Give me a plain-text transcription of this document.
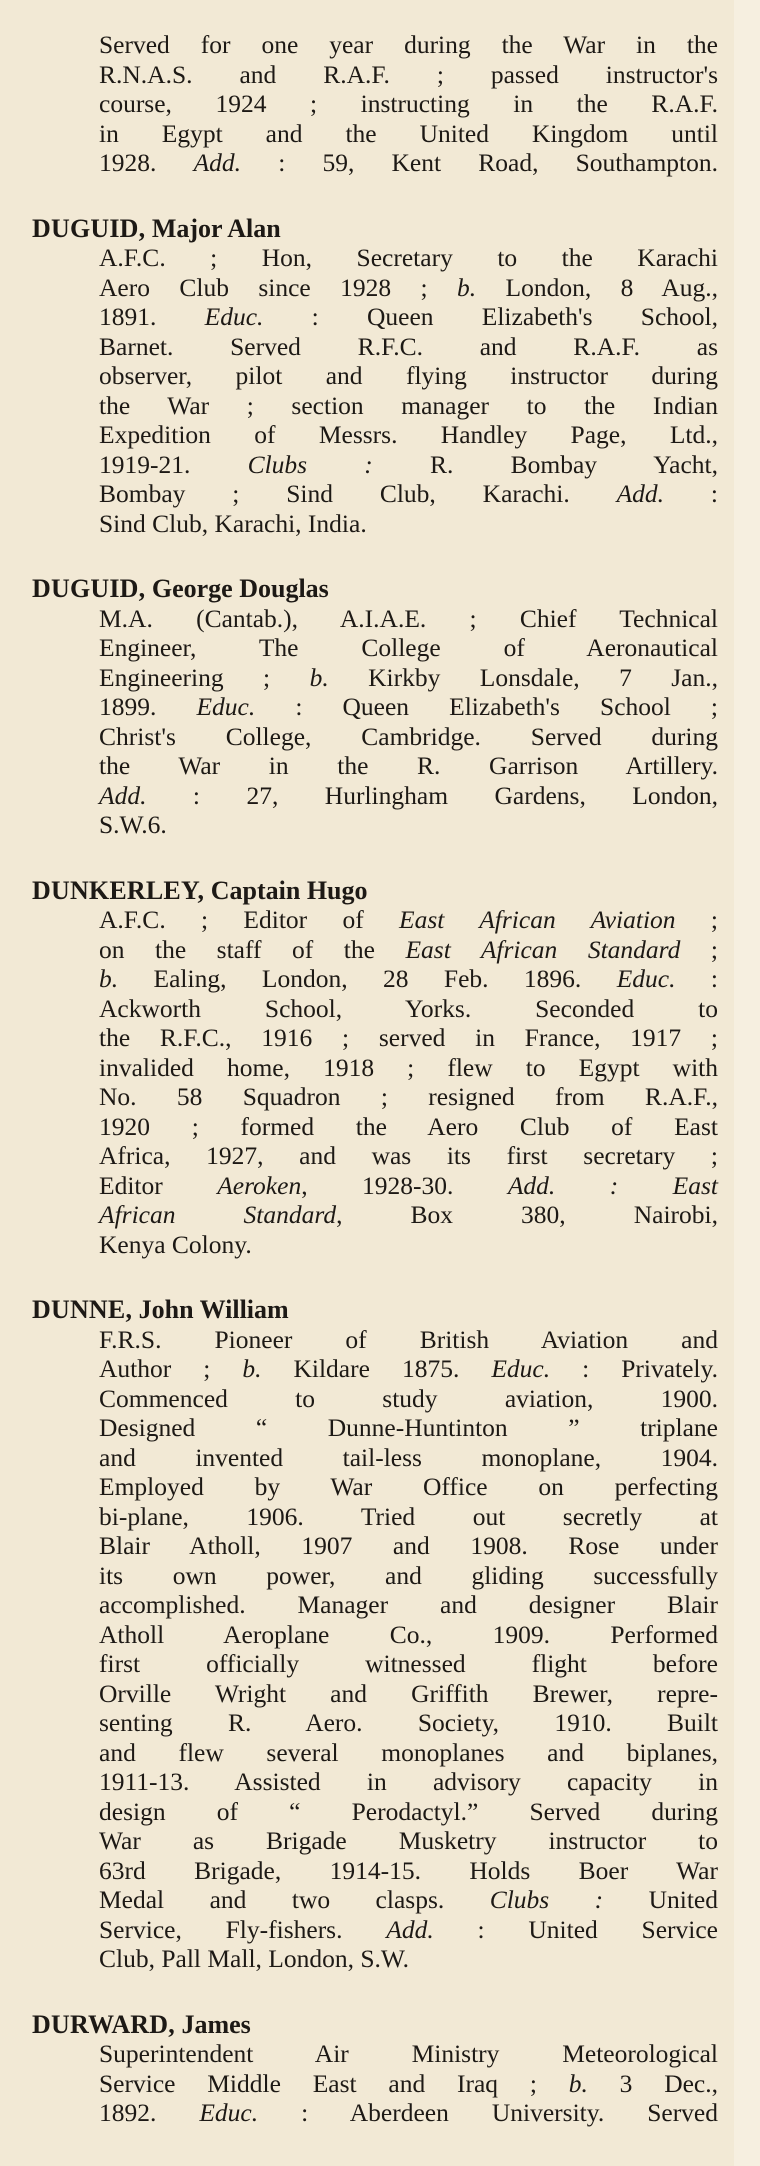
Served for one year during the War in the
R.N.A.S. and R.A.F. ; passed instructor's
course, 1924 ; instructing in the R.A.F.
in Egypt and the United Kingdom until
1928. Add. : 59, Kent Road, Southampton.
DUGUID, Major Alan
A.F.C. ; Hon, Secretary to the Karachi
Aero Club since 1928 ; b. London, 8 Aug.,
1891. Educ. : Queen Elizabeth's School,
Barnet. Served R.F.C. and R.A.F. as
observer, pilot and flying instructor during
the War ; section manager to the Indian
Expedition of Messrs. Handley Page, Ltd.,
1919-21. Clubs : R. Bombay Yacht,
Bombay ; Sind Club, Karachi. Add. :
Sind Club, Karachi, India.
DUGUID, George Douglas
M.A. (Cantab.), A.I.A.E. ; Chief Technical
Engineer, The College of Aeronautical
Engineering ; b. Kirkby Lonsdale, 7 Jan.,
1899. Educ. : Queen Elizabeth's School ;
Christ's College, Cambridge. Served during
the War in the R. Garrison Artillery.
Add. : 27, Hurlingham Gardens, London,
S.W.6.
DUNKERLEY, Captain Hugo
A.F.C. ; Editor of East African Aviation ;
on the staff of the East African Standard ;
b. Ealing, London, 28 Feb. 1896. Educ. :
Ackworth School, Yorks. Seconded to
the R.F.C., 1916 ; served in France, 1917 ;
invalided home, 1918 ; flew to Egypt with
No. 58 Squadron ; resigned from R.A.F.,
1920 ; formed the Aero Club of East
Africa, 1927, and was its first secretary ;
Editor Aeroken, 1928-30. Add. : East
African Standard, Box 380, Nairobi,
Kenya Colony.
DUNNE, John William
F.R.S. Pioneer of British Aviation and
Author ; b. Kildare 1875. Educ. : Privately.
Commenced to study aviation, 1900.
Designed “ Dunne-Huntinton ” triplane
and invented tail-less monoplane, 1904.
Employed by War Office on perfecting
bi-plane, 1906. Tried out secretly at
Blair Atholl, 1907 and 1908. Rose under
its own power, and gliding successfully
accomplished. Manager and designer Blair
Atholl Aeroplane Co., 1909. Performed
first officially witnessed flight before
Orville Wright and Griffith Brewer, repre-
senting R. Aero. Society, 1910. Built
and flew several monoplanes and biplanes,
1911-13. Assisted in advisory capacity in
design of “ Perodactyl.” Served during
War as Brigade Musketry instructor to
63rd Brigade, 1914-15. Holds Boer War
Medal and two clasps. Clubs : United
Service, Fly-fishers. Add. : United Service
Club, Pall Mall, London, S.W.
DURWARD, James
Superintendent Air Ministry Meteorological
Service Middle East and Iraq ; b. 3 Dec.,
1892. Educ. : Aberdeen University. Served
